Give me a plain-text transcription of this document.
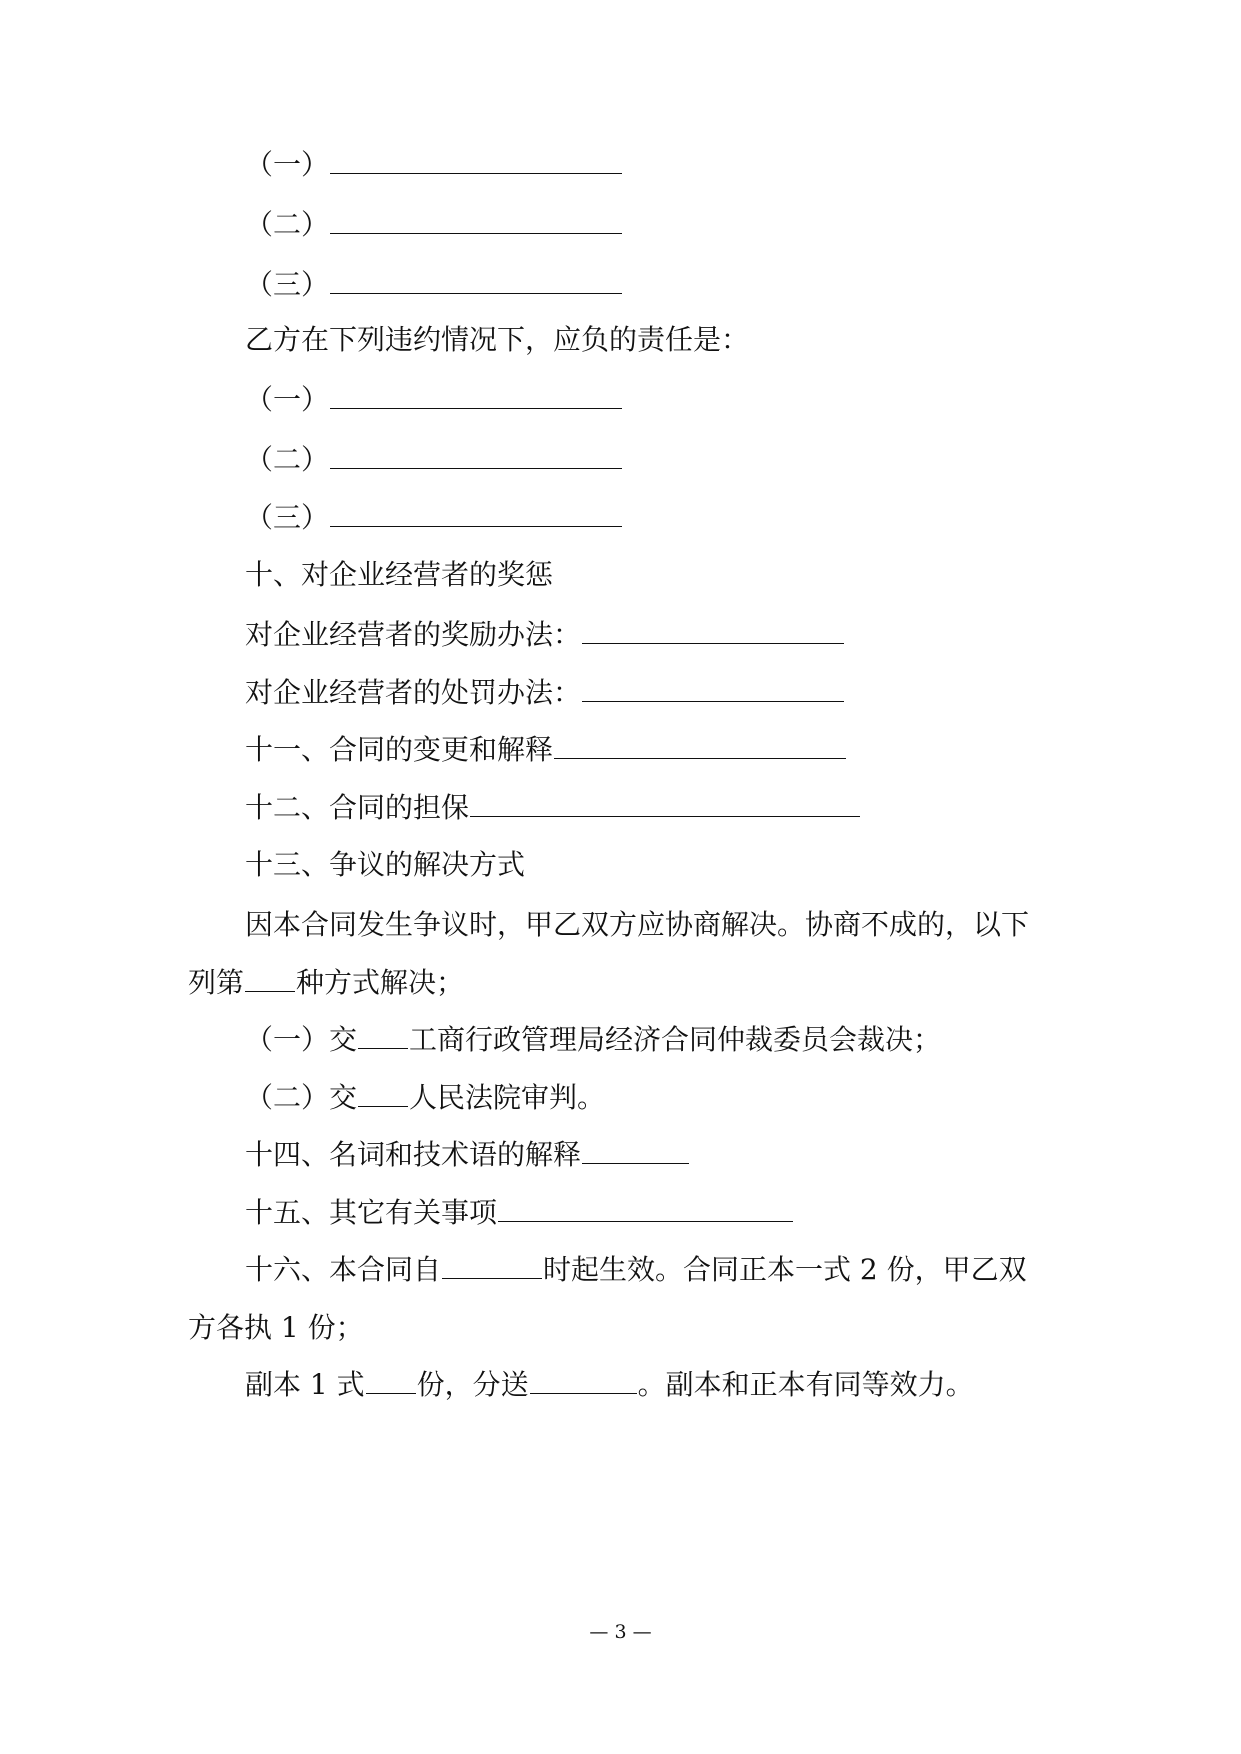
（一）
（二）
（三）
乙方在下列违约情况下，应负的责任是：
（一）
（二）
（三）
十、对企业经营者的奖惩
对企业经营者的奖励办法：
对企业经营者的处罚办法：
十一、合同的变更和解释
十二、合同的担保
十三、争议的解决方式
因本合同发生争议时，甲乙双方应协商解决。协商不成的，以下
列第 种方式解决；
（一）交 工商行政管理局经济合同仲裁委员会裁决；
（二）交 人民法院审判。
十四、名词和技术语的解释
十五、其它有关事项
十六、本合同自	时起生效。合同正本一式 2 份，甲乙双
方各执 1 份；
副本 1 式 份，分送	。副本和正本有同等效力。
— 3 —
